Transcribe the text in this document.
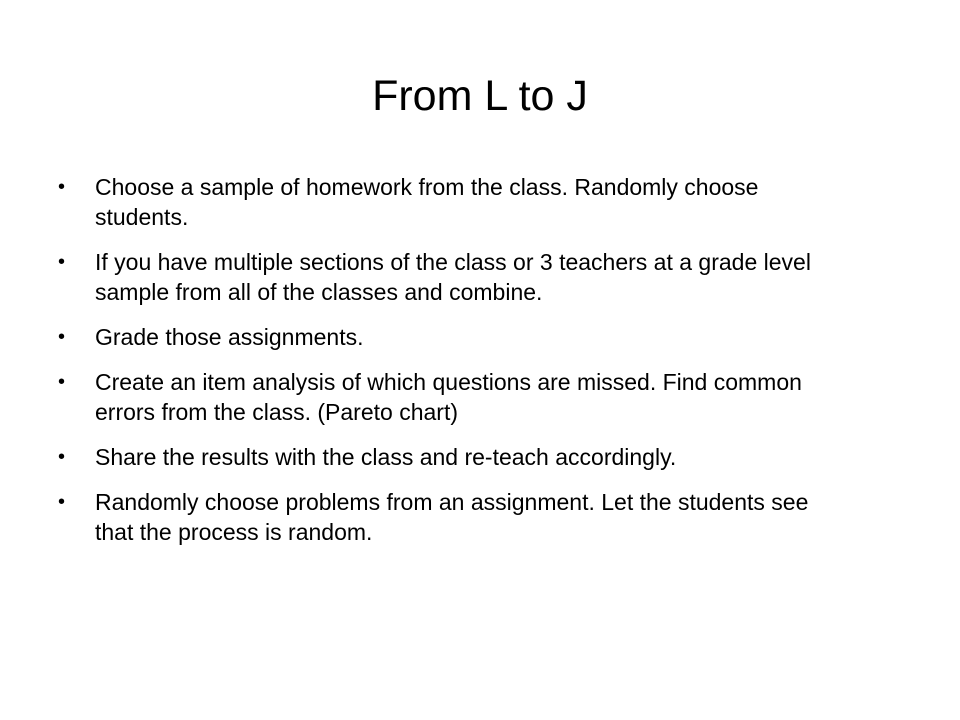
From L to J
•	Choose a sample of homework from the class. Randomly choose students.
•	If you have multiple sections of the class or 3 teachers at a grade level sample from all of the classes and combine.
•	Grade those assignments.
•	Create an item analysis of which questions are missed. Find common errors from the class. (Pareto chart)
•	Share the results with the class and re-teach accordingly.
•	Randomly choose problems from an assignment. Let the students see that the process is random.
